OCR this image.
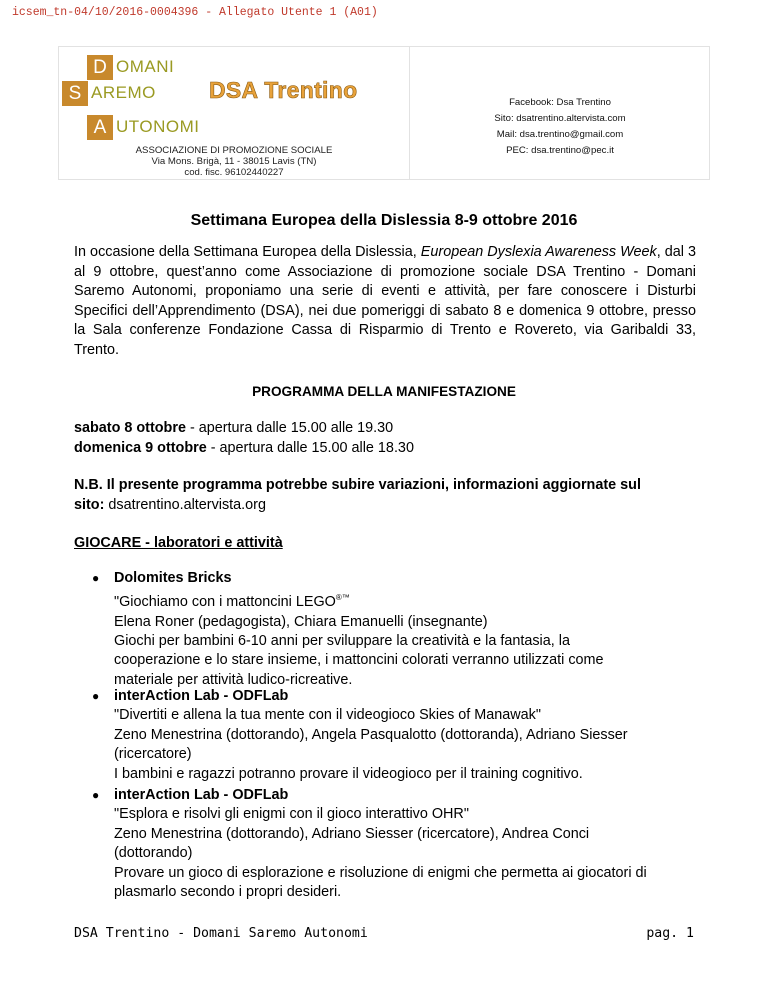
icsem_tn-04/10/2016-0004396 - Allegato Utente 1 (A01)
D OMANI
S AREMO
A UTONOMI
DSA Trentino
ASSOCIAZIONE DI PROMOZIONE SOCIALE
Via Mons. Brigà, 11 - 38015 Lavis (TN)
cod. fisc. 96102440227
Facebook: Dsa Trentino
Sito: dsatrentino.altervista.com
Mail: dsa.trentino@gmail.com
PEC: dsa.trentino@pec.it
Settimana Europea della Dislessia 8-9 ottobre 2016

In occasione della Settimana Europea della Dislessia, European Dyslexia Awareness Week, dal 3 al 9 ottobre, quest’anno come Associazione di promozione sociale DSA Trentino - Domani Saremo Autonomi, proponiamo una serie di eventi e attività, per fare conoscere i Disturbi Specifici dell’Apprendimento (DSA), nei due pomeriggi di sabato 8 e domenica 9 ottobre, presso la Sala conferenze Fondazione Cassa di Risparmio di Trento e Rovereto, via Garibaldi 33, Trento.

PROGRAMMA DELLA MANIFESTAZIONE
sabato 8 ottobre - apertura dalle 15.00 alle 19.30
domenica 9 ottobre - apertura dalle 15.00 alle 18.30
N.B. Il presente programma potrebbe subire variazioni, informazioni aggiornate sul
sito: dsatrentino.altervista.org
GIOCARE - laboratori e attività
● Dolomites Bricks
"Giochiamo con i mattoncini LEGO®™
Elena Roner (pedagogista), Chiara Emanuelli (insegnante)
Giochi per bambini 6-10 anni per sviluppare la creatività e la fantasia, la
cooperazione e lo stare insieme, i mattoncini colorati verranno utilizzati come
materiale per attività ludico-ricreative.
● interAction Lab - ODFLab
"Divertiti e allena la tua mente con il videogioco Skies of Manawak"
Zeno Menestrina (dottorando), Angela Pasqualotto (dottoranda), Adriano Siesser
(ricercatore)
I bambini e ragazzi potranno provare il videogioco per il training cognitivo.
● interAction Lab - ODFLab
"Esplora e risolvi gli enigmi con il gioco interattivo OHR"
Zeno Menestrina (dottorando), Adriano Siesser (ricercatore), Andrea Conci
(dottorando)
Provare un gioco di esplorazione e risoluzione di enigmi che permetta ai giocatori di
plasmarlo secondo i propri desideri.
DSA Trentino - Domani Saremo Autonomi	pag. 1
